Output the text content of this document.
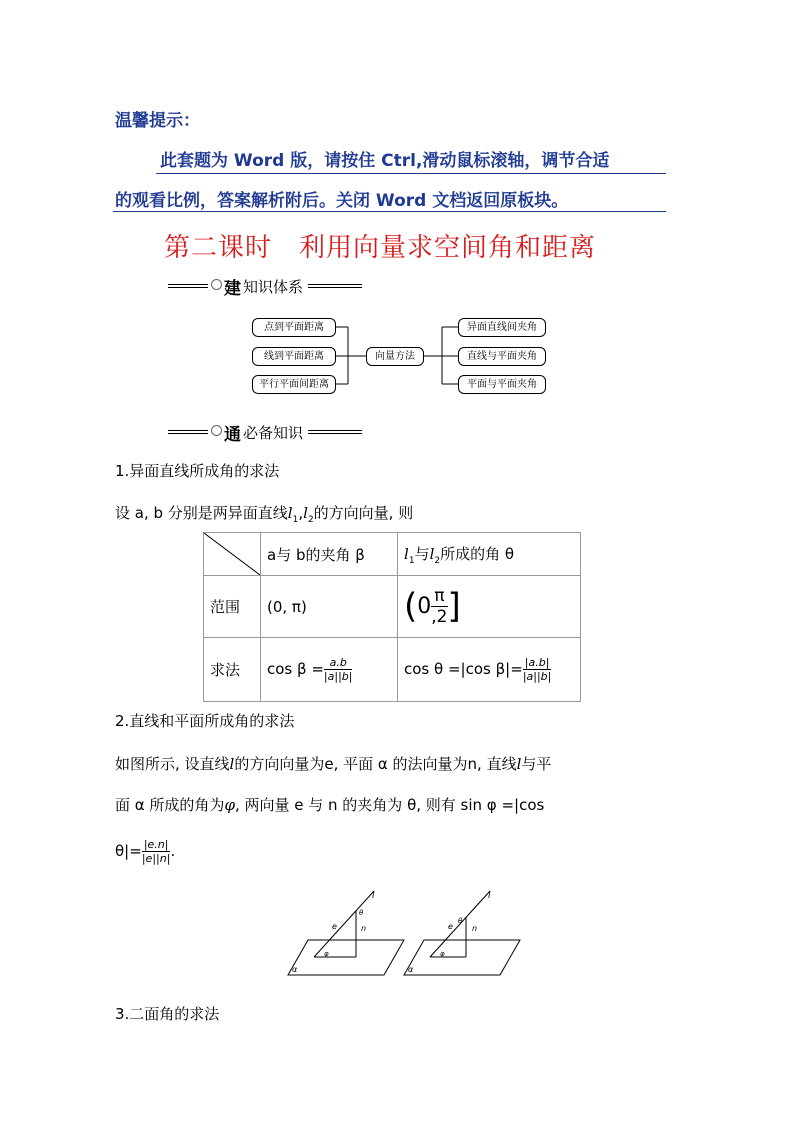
温馨提示：
此套题为 Word 版，请按住 Ctrl,滑动鼠标滚轴，调节合适
的观看比例，答案解析附后。关闭 Word 文档返回原板块。
第二课时　利用向量求空间角和距离
建 知识体系
点到平面距离
线到平面距离
平行平面间距离
向量方法
异面直线间夹角
直线与平面夹角
平面与平面夹角
通 必备知识
1.异面直线所成角的求法
设 a, b 分别是两异面直线$l_1,l_2$的方向向量, 则
	a与 b的夹角 β	$l_1$与$l_2$所成的角 θ
范围	(0, π)	($0 \frac{\pi}{,2}$ ]
求法	$\cos \beta = \frac{a.b}{|a||b|}$	cos θ =|cos $\beta|= \frac{|a.b|}{|a||b|}$
2.直线和平面所成角的求法
如图所示, 设直线l的方向向量为e, 平面 α 的法向量为n, 直线l与平
面 α 所成的角为φ, 两向量 e 与 n 的夹角为 θ, 则有 sin φ =|cos
$\theta|= \frac{|e.n|}{|e||n|}$ .
α
l
e	n
θ
φ
α
l
e n
θ
φ
3.二面角的求法
